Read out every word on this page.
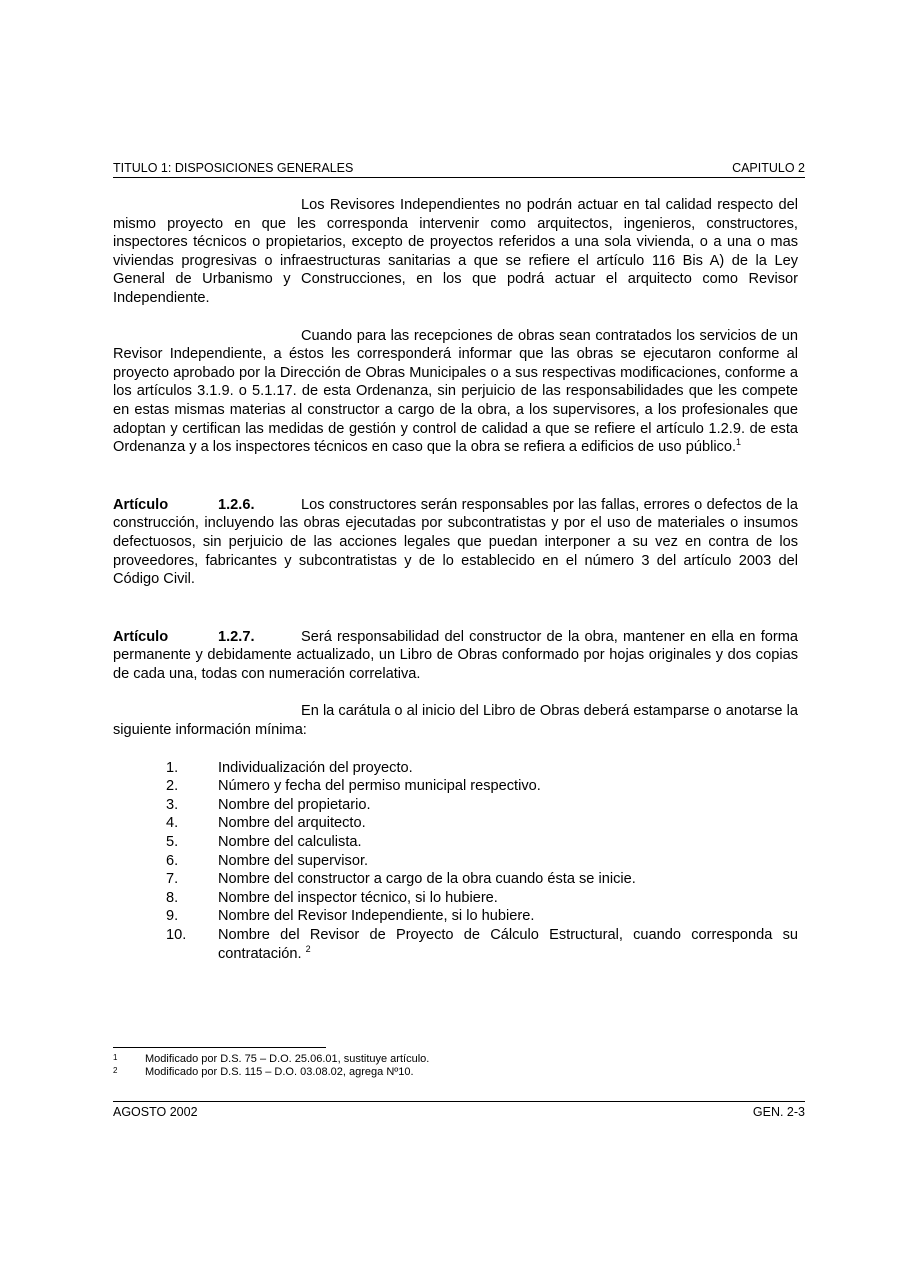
TITULO 1: DISPOSICIONES GENERALES	CAPITULO 2

Los Revisores Independientes no podrán actuar en tal calidad respecto del mismo proyecto en que les corresponda intervenir como arquitectos, ingenieros, constructores, inspectores técnicos o propietarios, excepto de proyectos referidos a una sola vivienda, o a una o mas viviendas progresivas o infraestructuras sanitarias a que se refiere el artículo 116 Bis A) de la Ley General de Urbanismo y Construcciones, en los que podrá actuar el arquitecto como Revisor Independiente.

Cuando para las recepciones de obras sean contratados los servicios de un Revisor Independiente, a éstos les corresponderá informar que las obras se ejecutaron conforme al proyecto aprobado por la Dirección de Obras Municipales o a sus respectivas modificaciones, conforme a los artículos 3.1.9. o 5.1.17. de esta Ordenanza, sin perjuicio de las responsabilidades que les compete en estas mismas materias al constructor a cargo de la obra, a los supervisores, a los profesionales que adoptan y certifican las medidas de gestión y control de calidad a que se refiere el artículo 1.2.9. de esta Ordenanza y a los inspectores técnicos en caso que la obra se refiera a edificios de uso público.$^1$

Artículo	1.2.6.	Los constructores serán responsables por las fallas, errores o defectos de la construcción, incluyendo las obras ejecutadas por subcontratistas y por el uso de materiales o insumos defectuosos, sin perjuicio de las acciones legales que puedan interponer a su vez en contra de los proveedores, fabricantes y subcontratistas y de lo establecido en el número 3 del artículo 2003 del Código Civil.

Artículo	1.2.7.	Será responsabilidad del constructor de la obra, mantener en ella en forma permanente y debidamente actualizado, un Libro de Obras conformado por hojas originales y dos copias de cada una, todas con numeración correlativa.

En la carátula o al inicio del Libro de Obras deberá estamparse o anotarse la siguiente información mínima:

1.	Individualización del proyecto.
2.	Número y fecha del permiso municipal respectivo.
3.	Nombre del propietario.
4.	Nombre del arquitecto.
5.	Nombre del calculista.
6.	Nombre del supervisor.
7.	Nombre del constructor a cargo de la obra cuando ésta se inicie.
8.	Nombre del inspector técnico, si lo hubiere.
9.	Nombre del Revisor Independiente, si lo hubiere.
10. Nombre del Revisor de Proyecto de Cálculo Estructural, cuando corresponda su contratación. $^2$
1	Modificado por D.S. 75 – D.O. 25.06.01, sustituye artículo.
2	Modificado por D.S. 115 – D.O. 03.08.02, agrega Nº10.
AGOSTO 2002	GEN. 2-3
